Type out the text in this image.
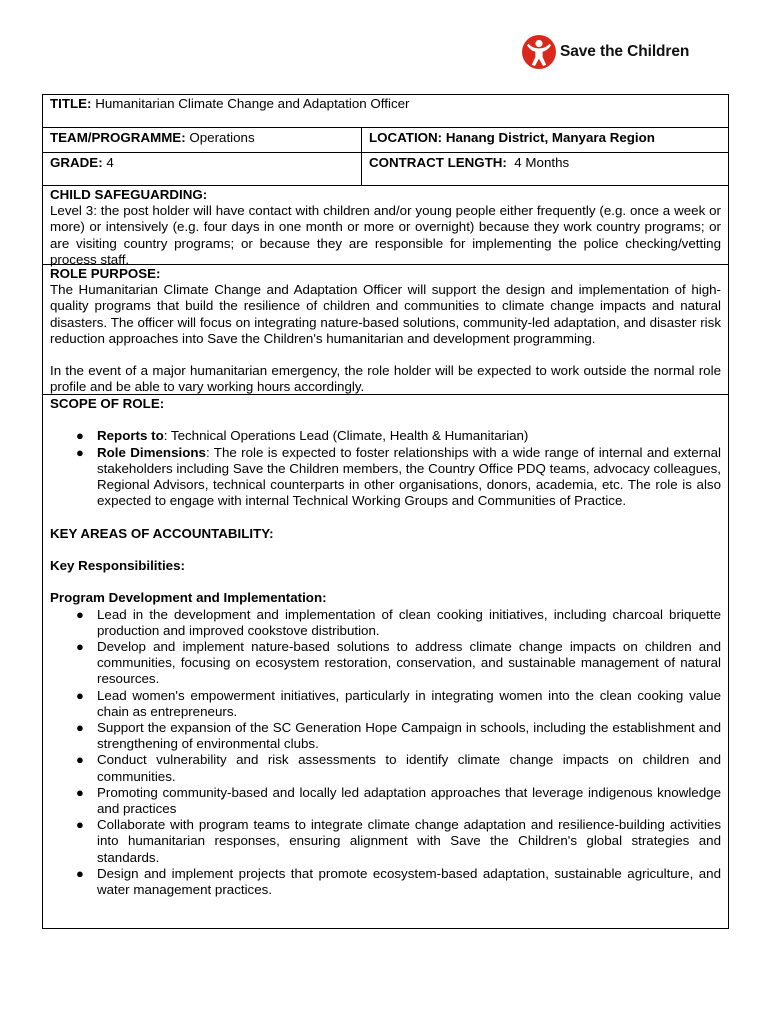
Save the Children
TITLE: Humanitarian Climate Change and Adaptation Officer
TEAM/PROGRAMME: Operations	LOCATION: Hanang District, Manyara Region
GRADE: 4	CONTRACT LENGTH:  4 Months
CHILD SAFEGUARDING:

Level 3: the post holder will have contact with children and/or young people either frequently (e.g. once a week or more) or intensively (e.g. four days in one month or more or overnight) because they work country programs; or are visiting country programs; or because they are responsible for implementing the police checking/vetting process staff.

ROLE PURPOSE:

The Humanitarian Climate Change and Adaptation Officer will support the design and implementation of high-quality programs that build the resilience of children and communities to climate change impacts and natural disasters. The officer will focus on integrating nature-based solutions, community-led adaptation, and disaster risk reduction approaches into Save the Children's humanitarian and development programming.

In the event of a major humanitarian emergency, the role holder will be expected to work outside the normal role profile and be able to vary working hours accordingly.

SCOPE OF ROLE:
● Reports to: Technical Operations Lead (Climate, Health & Humanitarian)
● Role Dimensions: The role is expected to foster relationships with a wide range of internal and external stakeholders including Save the Children members, the Country Office PDQ teams, advocacy colleagues, Regional Advisors, technical counterparts in other organisations, donors, academia, etc. The role is also expected to engage with internal Technical Working Groups and Communities of Practice.
KEY AREAS OF ACCOUNTABILITY:
Key Responsibilities:
Program Development and Implementation:
● Lead in the development and implementation of clean cooking initiatives, including charcoal briquette production and improved cookstove distribution.
● Develop and implement nature-based solutions to address climate change impacts on children and communities, focusing on ecosystem restoration, conservation, and sustainable management of natural resources.
● Lead women's empowerment initiatives, particularly in integrating women into the clean cooking value chain as entrepreneurs.
● Support the expansion of the SC Generation Hope Campaign in schools, including the establishment and strengthening of environmental clubs.
● Conduct vulnerability and risk assessments to identify climate change impacts on children and communities.
● Promoting community-based and locally led adaptation approaches that leverage indigenous knowledge and practices
● Collaborate with program teams to integrate climate change adaptation and resilience-building activities into humanitarian responses, ensuring alignment with Save the Children's global strategies and standards.
● Design and implement projects that promote ecosystem-based adaptation, sustainable agriculture, and water management practices.
